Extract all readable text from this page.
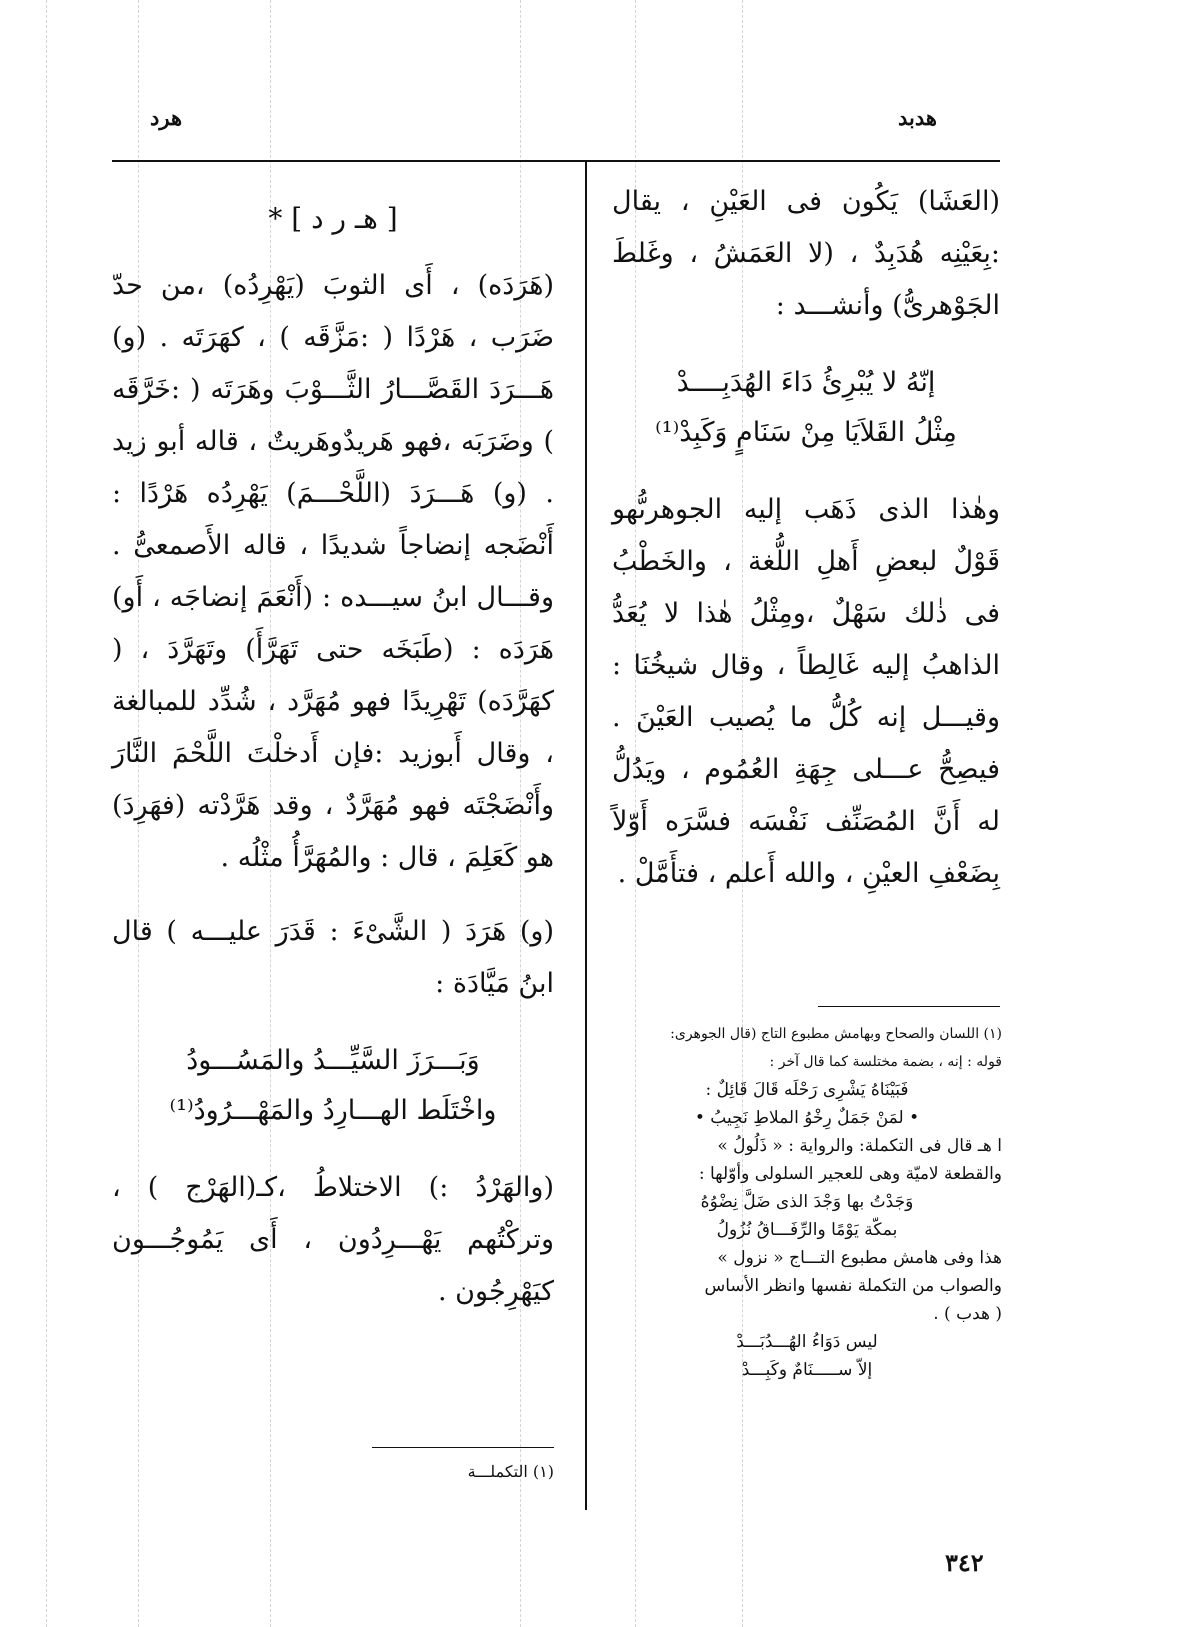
هدبد
هرد

(العَشَا) يَكُون فى العَيْنِ ، يقال :بِعَيْنِه هُدَبِدٌ ، (لا العَمَشُ ، وغَلطَ الجَوْهرىُّ) وأنشـــد :

إنّهُ لا يُبْرِئُ دَاءَ الهُدَبِــــدْ
مِثْلُ القَلاَيَا مِنْ سَنَامٍ وَكَبِدْ⁽¹⁾

وهٰذا الذى ذَهَب إليه الجوهرىُّهو قَوْلٌ لبعضِ أَهلِ اللُّغة ، والخَطْبُ فى ذٰلك سَهْلٌ ،ومِثْلُ هٰذا لا يُعَدُّ الذاهبُ إليه غَالِطاً ، وقال شيخُنَا : وقيـــل إنه كُلُّ ما يُصيب العَيْنَ . فيصِحُّ عـــلى جِهَةِ العُمُوم ، ويَدُلُّ له أَنَّ المُصَنِّف نَفْسَه فسَّرَه أَوّلاً بِضَعْفِ العيْنِ ، والله أَعلم ، فتأَمَّلْ .

[ هـ ر د ] *

(هَرَدَه) ، أَى الثوبَ (يَهْرِدُه) ،من حدّ ضَرَب ، هَرْدًا ( :مَزَّقَه ) ، كهَرَتَه . (و) هَـــرَدَ القَصَّـــارُ الثَّـــوْبَ وهَرَتَه ( :خَرَّقَه ) وضَرَبَه ،فهو هَريدٌوهَريتٌ ، قاله أبو زيد . (و) هَـــرَدَ (اللَّحْـــمَ) يَهْرِدُه هَرْدًا : أَنْضَجه إنضاجاً شديدًا ، قاله الأَصمعىُّ . وقـــال ابنُ سيـــده : (أَنْعَمَ إنضاجَه ، أَو) هَرَدَه : (طَبَخَه حتى تَهَرَّأَ) وتَهَرَّدَ ، ( كهَرَّدَه) تَهْرِيدًا فهو مُهَرَّد ، شُدِّد للمبالغة ، وقال أَبوزيد :فإن أَدخلْتَ اللَّحْمَ النَّارَ وأَنْضَجْتَه فهو مُهَرَّدٌ ، وقد هَرَّدْته (فهَرِدَ) هو كَعَلِمَ ، قال : والمُهَرَّأُ مثْلُه .

(و) هَرَدَ ( الشَّىْءَ : قَدَرَ عليـــه ) قال ابنُ مَيَّادَة :

وَبَـــرَزَ السَّيِّـــدُ والمَسُـــودُ
واخْتَلَط الهـــارِدُ والمَهْـــرُودُ⁽¹⁾

(والهَرْدُ :) الاختلاطُ ،كـ(الهَرْج ) ، وتركْتُهم يَهْـــرِدُون ، أَى يَمُوجُـــون كيَهْرِجُون .

(١) اللسان والصحاح وبهامش مطبوع التاج (قال الجوهرى:

قوله : إنه ، بضمة مختلسة كما قال آخر :

فَبَيْنَاهُ يَشْرِى رَحْلَه قَالَ قَائِلٌ :

• لمَنْ جَمَلٌ رِخْوُ الملاطِ نَجِيبُ •

ا هـ قال فى التكملة: والرواية : « ذَلُولُ »

والقطعة لاميّة وهى للعجير السلولى وأوّلها :

وَجَدْتُ بها وَجْدَ الذى ضَلَّ نِضْوُهُ

بمكّة يَوْمًا والرِّفَـــاقُ نُزُولُ

هذا وفى هامش مطبوع التـــاج « نزول »

والصواب من التكملة نفسها وانظر الأساس

( هدب ) .

ليس دَوَاءُ الهُـــدُبَـــدْ

إلاّ ســـــنَامٌ وكَبِـــدْ

(١) التكملـــة
٣٤٢
